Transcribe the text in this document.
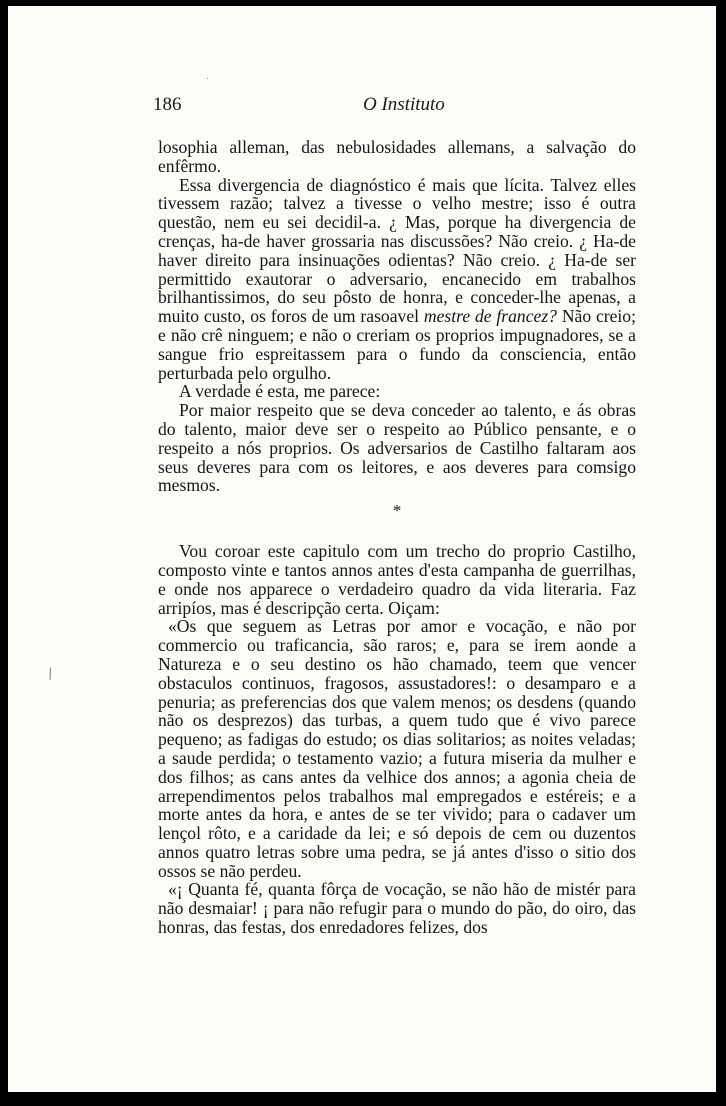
186	O Instituto

losophia alleman, das nebulosidades allemans, a salvação do enfêrmo.

Essa divergencia de diagnóstico é mais que lícita. Talvez elles tivessem razão; talvez a tivesse o velho mestre; isso é outra questão, nem eu sei decidil-a. ¿ Mas, porque ha divergencia de crenças, ha-de haver grossaria nas discussões? Não creio. ¿ Ha-de haver direito para insinuações odientas? Não creio. ¿ Ha-de ser permittido exautorar o adversario, encanecido em trabalhos brilhantissimos, do seu pôsto de honra, e conceder-lhe apenas, a muito custo, os foros de um rasoavel mestre de francez? Não creio; e não crê ninguem; e não o creriam os proprios impugnadores, se a sangue frio espreitassem para o fundo da consciencia, então perturbada pelo orgulho.

A verdade é esta, me parece:

Por maior respeito que se deva conceder ao talento, e ás obras do talento, maior deve ser o respeito ao Público pensante, e o respeito a nós proprios. Os adversarios de Castilho faltaram aos seus deveres para com os leitores, e aos deveres para comsigo mesmos.

*

Vou coroar este capitulo com um trecho do proprio Castilho, composto vinte e tantos annos antes d'esta campanha de guerrilhas, e onde nos apparece o verdadeiro quadro da vida literaria. Faz arripíos, mas é descripção certa. Oiçam:

«Os que seguem as Letras por amor e vocação, e não por commercio ou traficancia, são raros; e, para se irem aonde a Natureza e o seu destino os hão chamado, teem que vencer obstaculos continuos, fragosos, assustadores!: o desamparo e a penuria; as preferencias dos que valem menos; os desdens (quando não os desprezos) das turbas, a quem tudo que é vivo parece pequeno; as fadigas do estudo; os dias solitarios; as noites veladas; a saude perdida; o testamento vazio; a futura miseria da mulher e dos filhos; as cans antes da velhice dos annos; a agonia cheia de arrependimentos pelos trabalhos mal empregados e estéreis; e a morte antes da hora, e antes de se ter vivido; para o cadaver um lençol rôto, e a caridade da lei; e só depois de cem ou duzentos annos quatro letras sobre uma pedra, se já antes d'isso o sitio dos ossos se não perdeu.

«¡ Quanta fé, quanta fôrça de vocação, se não hão de mistér para não desmaiar! ¡ para não refugir para o mundo do pão, do oiro, das honras, das festas, dos enredadores felizes, dos

/
·
